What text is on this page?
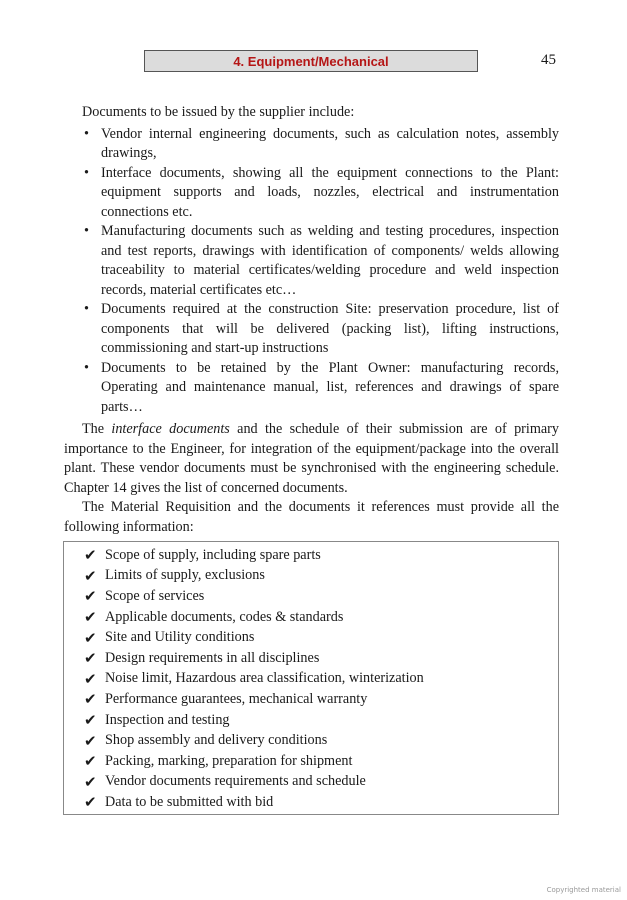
4. Equipment/Mechanical	45

Documents to be issued by the supplier include:

• Vendor internal engineering documents, such as calculation notes, assembly drawings,
• Interface documents, showing all the equipment connections to the Plant: equipment supports and loads, nozzles, electrical and instrumentation connections etc.
• Manufacturing documents such as welding and testing procedures, inspection and test reports, drawings with identification of components/ welds allowing traceability to material certificates/welding procedure and weld inspection records, material certificates etc…
• Documents required at the construction Site: preservation procedure, list of components that will be delivered (packing list), lifting instructions, commissioning and start-up instructions
• Documents to be retained by the Plant Owner: manufacturing records, Operating and maintenance manual, list, references and drawings of spare parts…

The interface documents and the schedule of their submission are of primary importance to the Engineer, for integration of the equipment/package into the overall plant. These vendor documents must be synchronised with the engineering schedule. Chapter 14 gives the list of concerned documents.

The Material Requisition and the documents it references must provide all the following information:

✔ Scope of supply, including spare parts
✔ Limits of supply, exclusions
✔ Scope of services
✔ Applicable documents, codes & standards
✔ Site and Utility conditions
✔ Design requirements in all disciplines
✔ Noise limit, Hazardous area classification, winterization
✔ Performance guarantees, mechanical warranty
✔ Inspection and testing
✔ Shop assembly and delivery conditions
✔ Packing, marking, preparation for shipment
✔ Vendor documents requirements and schedule
✔ Data to be submitted with bid
Copyrighted material
